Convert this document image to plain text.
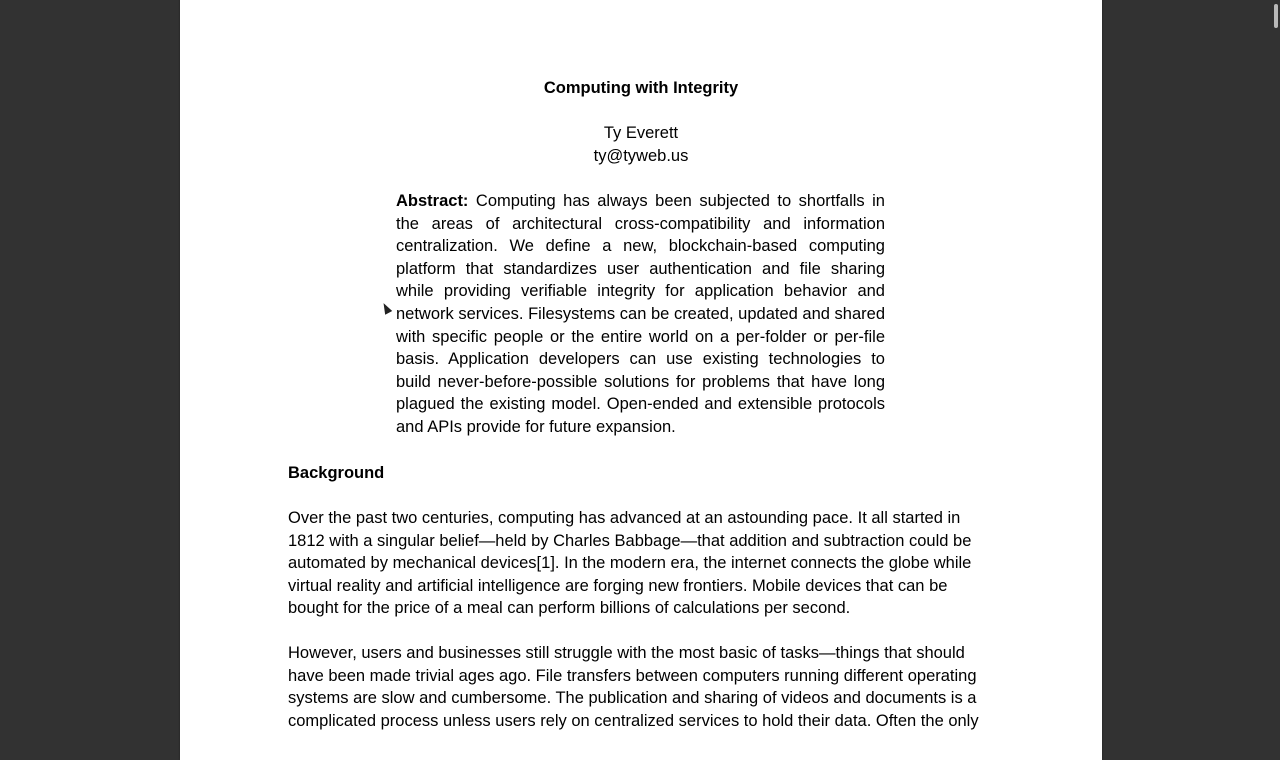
Computing with Integrity
Ty Everett
ty@tyweb.us

Abstract: Computing has always been subjected to shortfalls in the areas of architectural cross-compatibility and information centralization. We define a new, blockchain-based computing platform that standardizes user authentication and file sharing while providing verifiable integrity for application behavior and network services. Filesystems can be created, updated and shared with specific people or the entire world on a per-folder or per-file basis. Application developers can use existing technologies to build never-before-possible solutions for problems that have long plagued the existing model. Open-ended and extensible protocols and APIs provide for future expansion.

Background

Over the past two centuries, computing has advanced at an astounding pace. It all started in 1812 with a singular belief—held by Charles Babbage—that addition and subtraction could be automated by mechanical devices[1]. In the modern era, the internet connects the globe while virtual reality and artificial intelligence are forging new frontiers. Mobile devices that can be bought for the price of a meal can perform billions of calculations per second.

However, users and businesses still struggle with the most basic of tasks—things that should have been made trivial ages ago. File transfers between computers running different operating systems are slow and cumbersome. The publication and sharing of videos and documents is a complicated process unless users rely on centralized services to hold their data. Often the only
